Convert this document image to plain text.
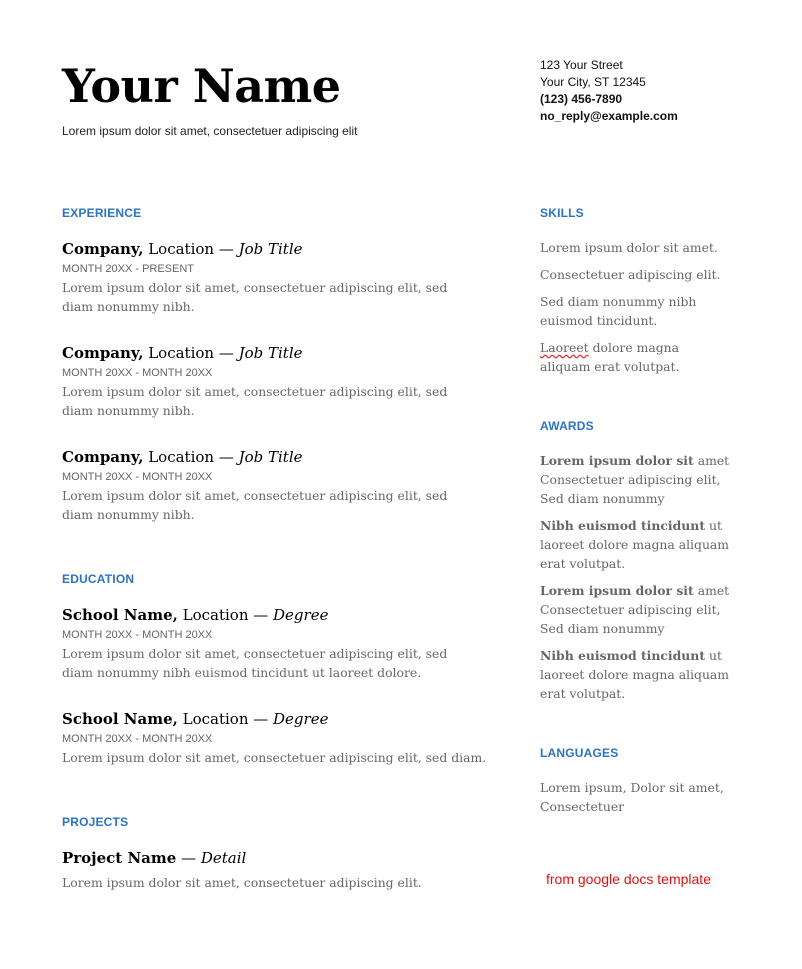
Your Name
Lorem ipsum dolor sit amet, consectetuer adipiscing elit
123 Your Street
Your City, ST 12345
(123) 456-7890
no_reply@example.com
EXPERIENCE
Company, Location — Job Title
MONTH 20XX - PRESENT
Lorem ipsum dolor sit amet, consectetuer adipiscing elit, sed diam nonummy nibh.
Company, Location — Job Title
MONTH 20XX - MONTH 20XX
Lorem ipsum dolor sit amet, consectetuer adipiscing elit, sed diam nonummy nibh.
Company, Location — Job Title
MONTH 20XX - MONTH 20XX
Lorem ipsum dolor sit amet, consectetuer adipiscing elit, sed diam nonummy nibh.
EDUCATION
School Name, Location — Degree
MONTH 20XX - MONTH 20XX
Lorem ipsum dolor sit amet, consectetuer adipiscing elit, sed diam nonummy nibh euismod tincidunt ut laoreet dolore.
School Name, Location — Degree
MONTH 20XX - MONTH 20XX
Lorem ipsum dolor sit amet, consectetuer adipiscing elit, sed diam.
PROJECTS
Project Name — Detail
Lorem ipsum dolor sit amet, consectetuer adipiscing elit.
SKILLS
Lorem ipsum dolor sit amet.
Consectetuer adipiscing elit.
Sed diam nonummy nibh euismod tincidunt.
Laoreet dolore magna aliquam erat volutpat.
AWARDS
Lorem ipsum dolor sit amet Consectetuer adipiscing elit, Sed diam nonummy
Nibh euismod tincidunt ut laoreet dolore magna aliquam erat volutpat.
Lorem ipsum dolor sit amet Consectetuer adipiscing elit, Sed diam nonummy
Nibh euismod tincidunt ut laoreet dolore magna aliquam erat volutpat.
LANGUAGES
Lorem ipsum, Dolor sit amet, Consectetuer
from google docs template
